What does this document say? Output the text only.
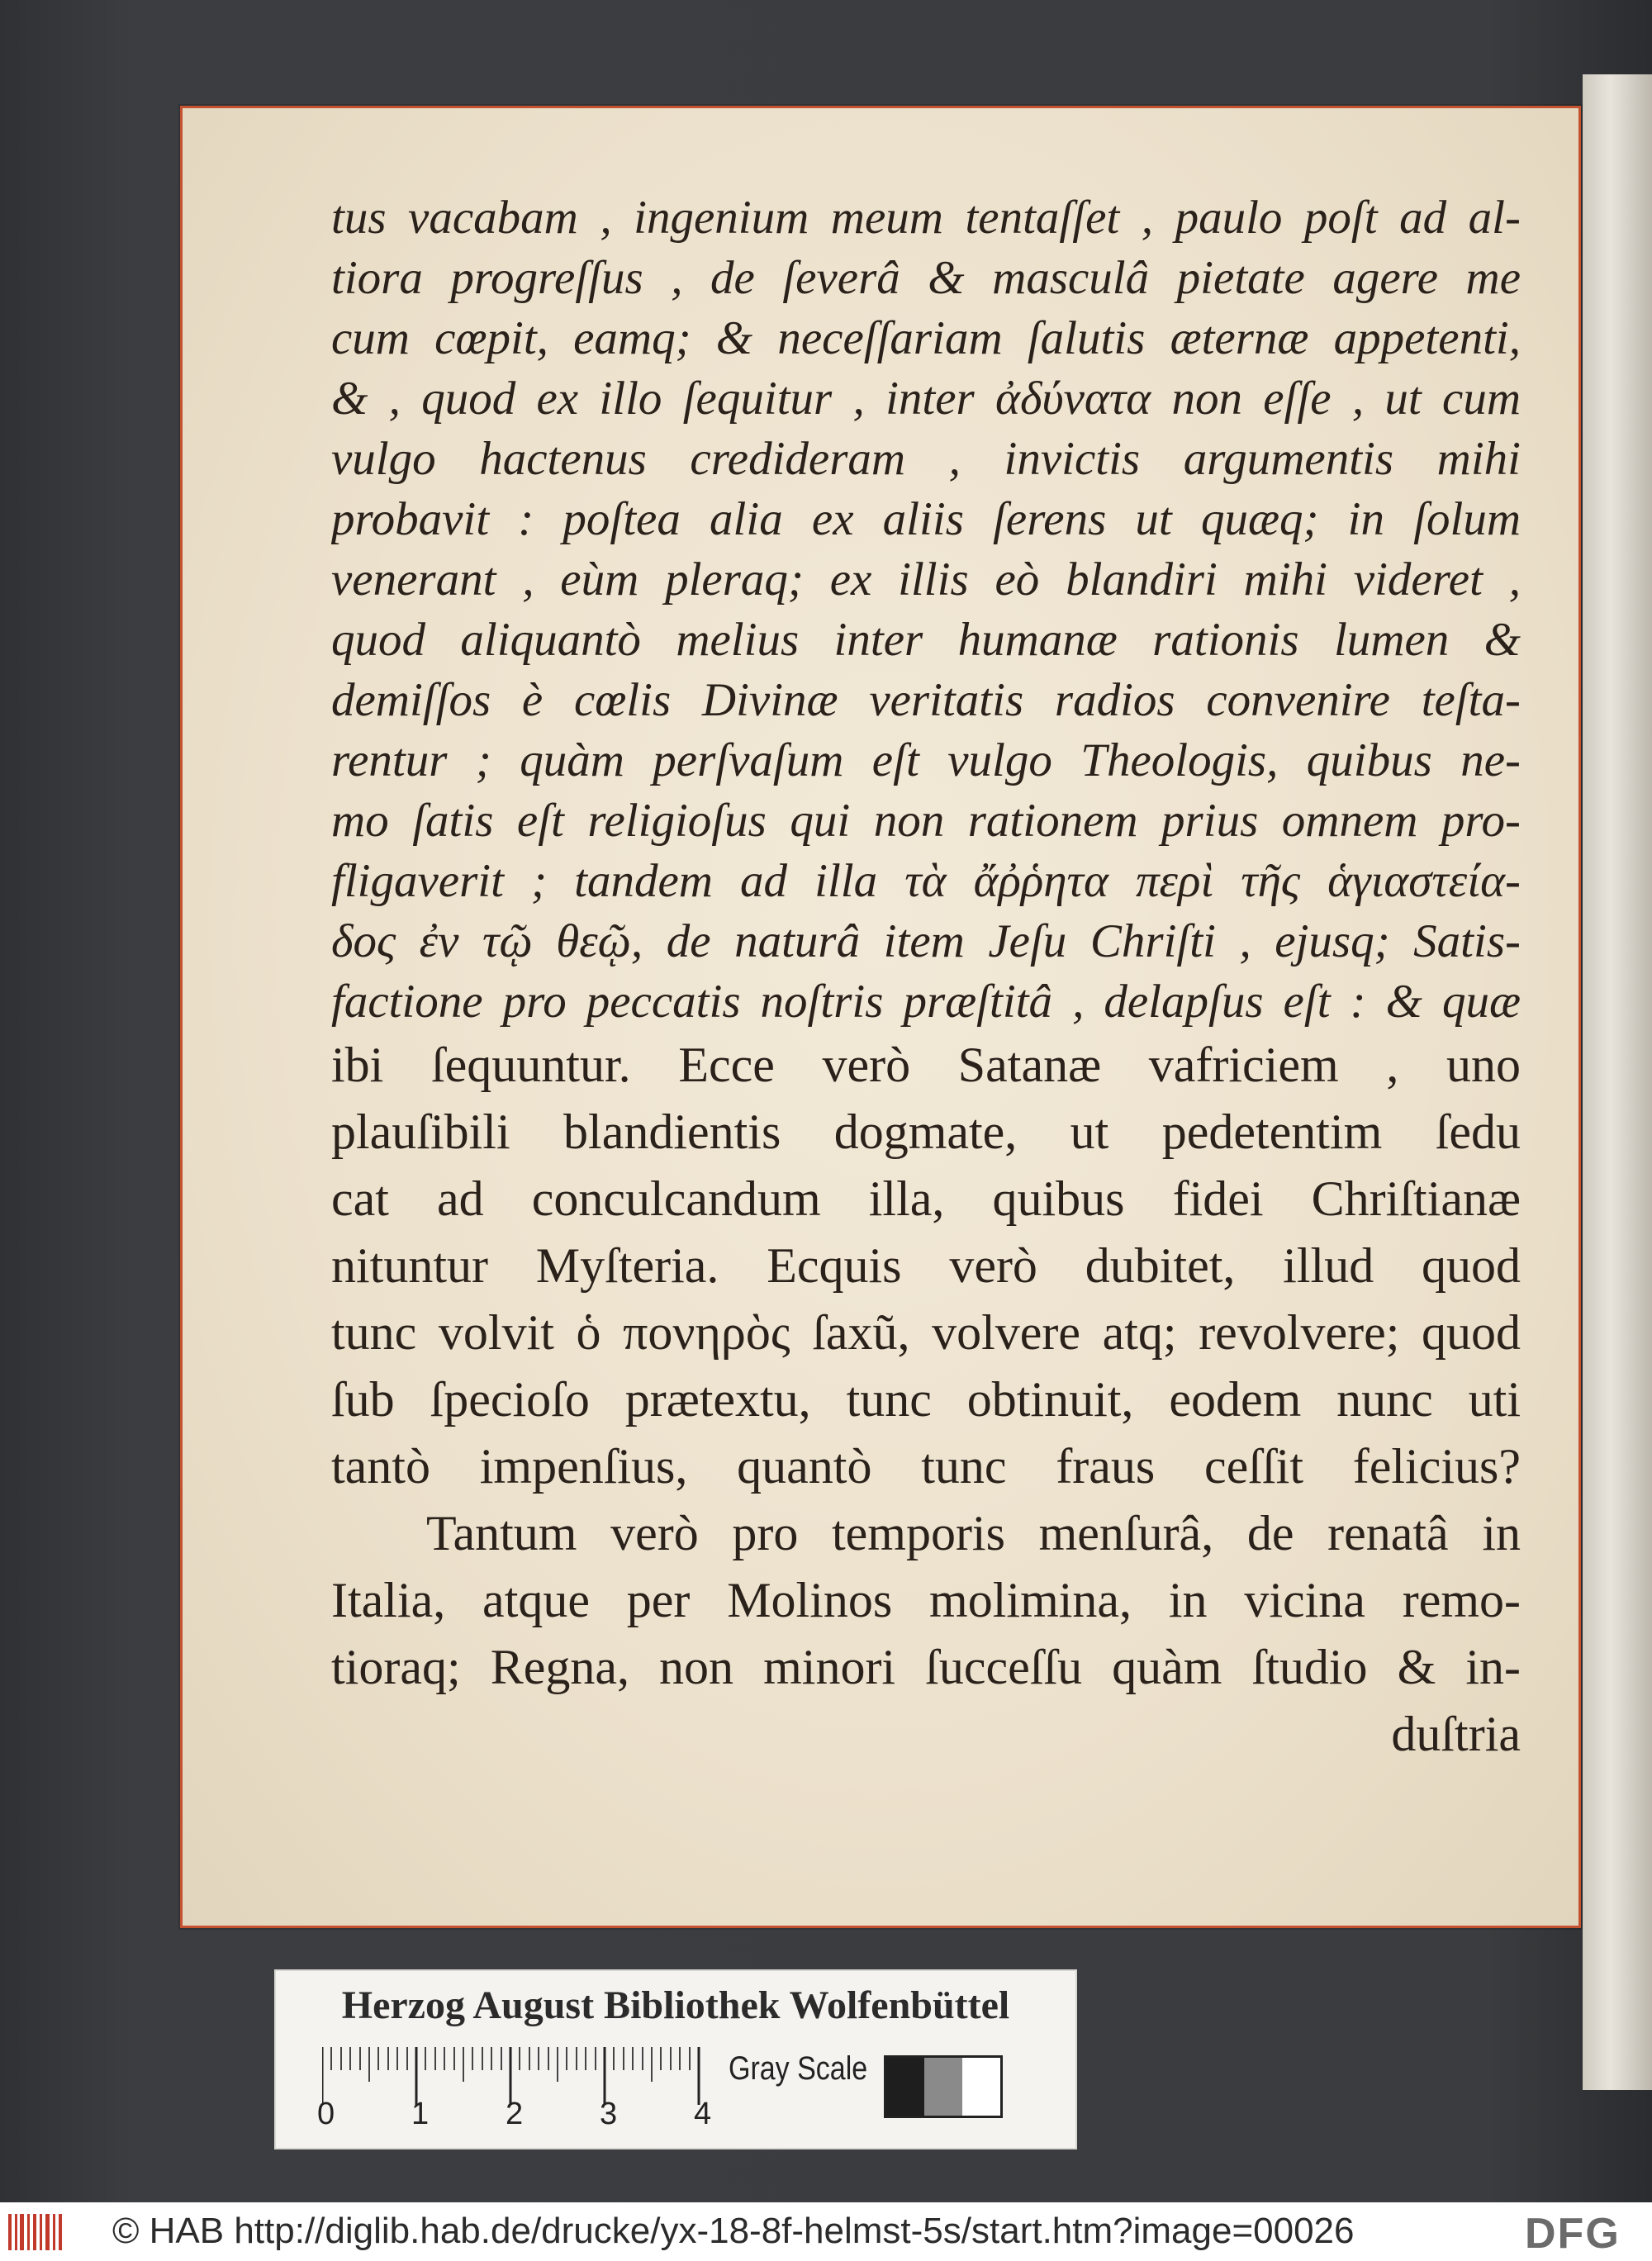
tus vacabam , ingenium meum tentaſſet , paulo poſt ad al-
tiora progreſſus , de ſeverâ & masculâ pietate agere me
cum cœpit, eamq; & neceſſariam ſalutis æternæ appetenti,
& , quod ex illo ſequitur , inter ἀδύνατα non eſſe , ut cum
vulgo hactenus credideram , invictis argumentis mihi
probavit : poſtea alia ex aliis ſerens ut quæq; in ſolum
venerant , eùm pleraq; ex illis eò blandiri mihi videret ,
quod aliquantò melius inter humanæ rationis lumen &
demiſſos è cœlis Divinæ veritatis radios convenire teſta-
rentur ; quàm perſvaſum eſt vulgo Theologis, quibus ne-
mo ſatis eſt religioſus qui non rationem prius omnem pro-
fligaverit ; tandem ad illa τὰ ἄῤῥητα περὶ τῆς ἁγιαστεία-
δος ἐν τῷ θεῷ, de naturâ item Jeſu Chriſti , ejusq; Satis-
factione pro peccatis noſtris præſtitâ , delapſus eſt : & quæ
ibi ſequuntur. Ecce verò Satanæ vafriciem , uno
plauſibili blandientis dogmate, ut pedetentim ſedu
cat ad conculcandum illa, quibus fidei Chriſtianæ
nituntur Myſteria. Ecquis verò dubitet, illud quod
tunc volvit ὁ πονηρὸς ſaxũ, volvere atq; revolvere; quod
ſub ſpecioſo prætextu, tunc obtinuit, eodem nunc uti
tantò impenſius, quantò tunc fraus ceſſit felicius?
Tantum verò pro temporis menſurâ, de renatâ in
Italia, atque per Molinos molimina, in vicina remo-
tioraq; Regna, non minori ſucceſſu quàm ſtudio & in-
duſtria
Herzog August Bibliothek Wolfenbüttel
0 1 2 3 4
Gray Scale
© HAB http://diglib.hab.de/drucke/yx-18-8f-helmst-5s/start.htm?image=00026	DFG
